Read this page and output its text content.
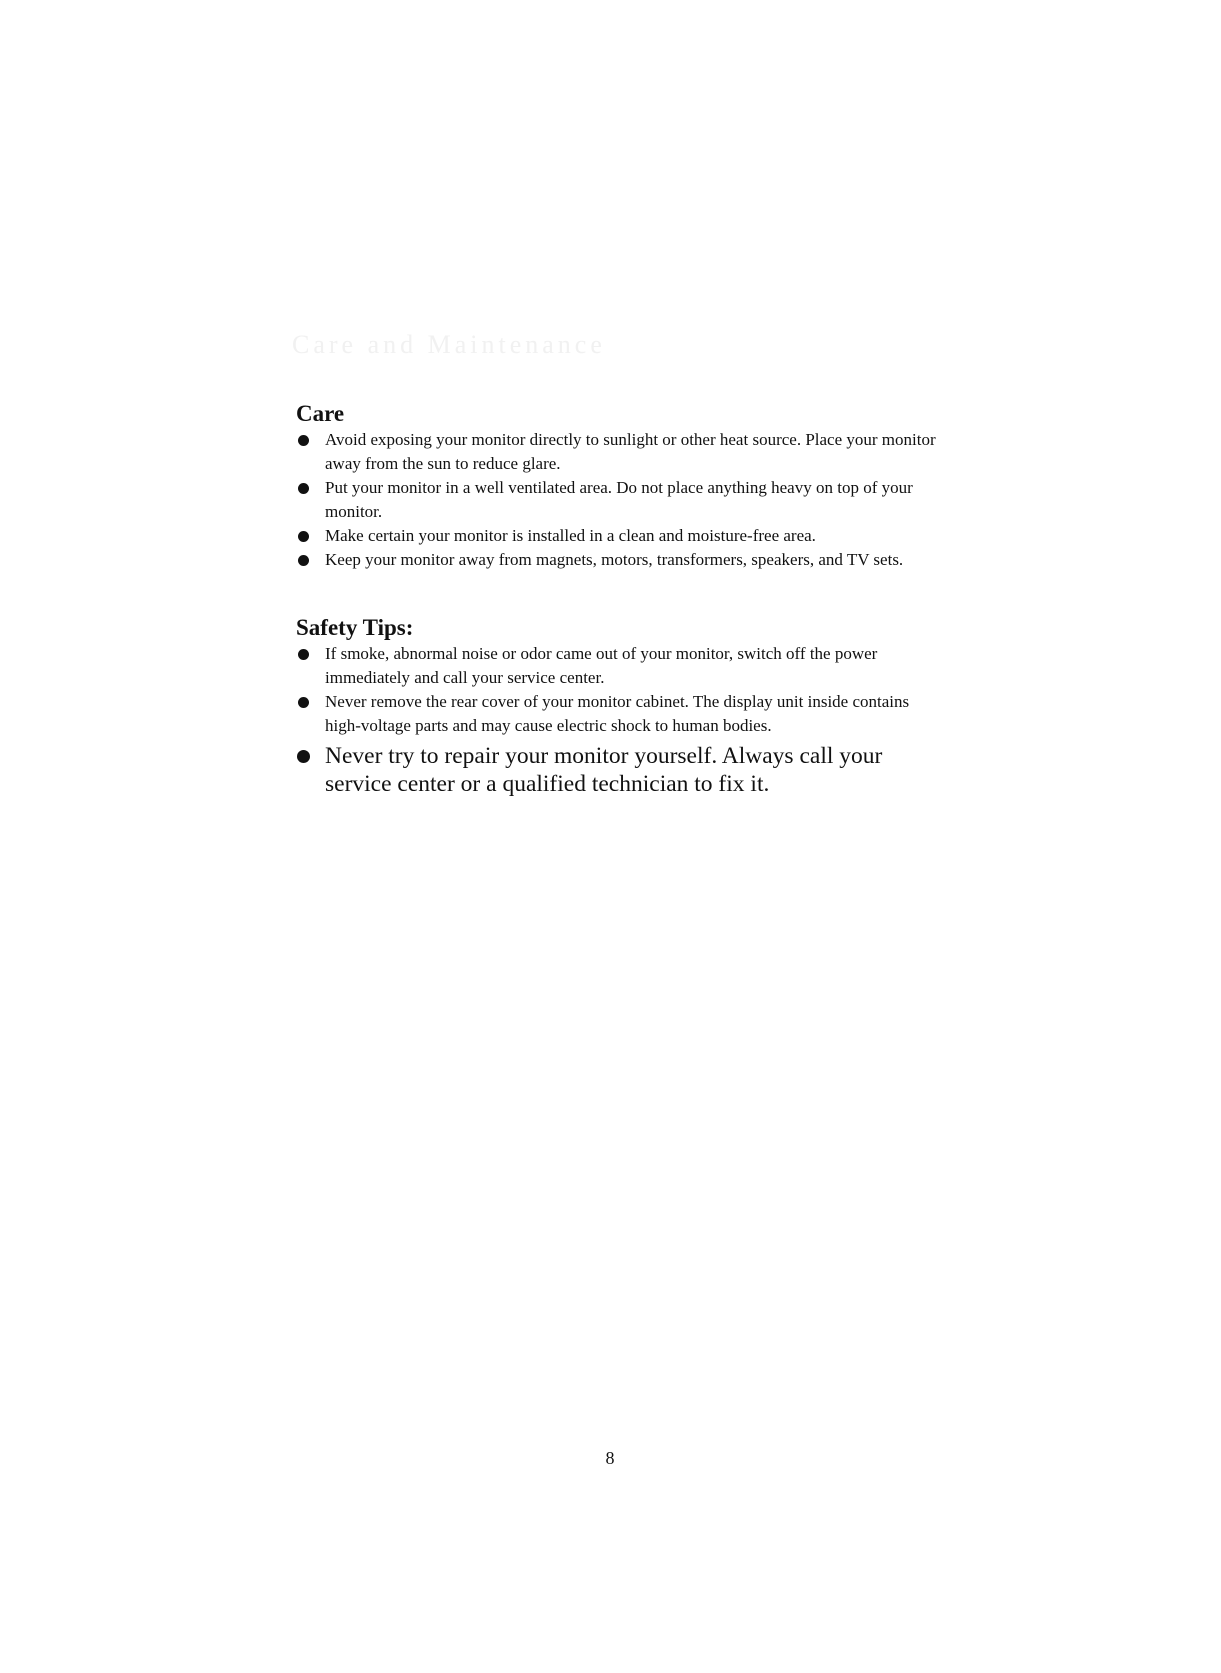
Care and Maintenance
Care
Avoid exposing your monitor directly to sunlight or other heat source. Place your monitor away from the sun to reduce glare.
Put your monitor in a well ventilated area. Do not place anything heavy on top of your monitor.
Make certain your monitor is installed in a clean and moisture-free area.
Keep your monitor away from magnets, motors, transformers, speakers, and TV sets.
Safety Tips:
If smoke, abnormal noise or odor came out of your monitor, switch off the power immediately and call your service center.
Never remove the rear cover of your monitor cabinet. The display unit inside contains high-voltage parts and may cause electric shock to human bodies.
Never try to repair your monitor yourself. Always call your service center or a qualified technician to fix it.
8
